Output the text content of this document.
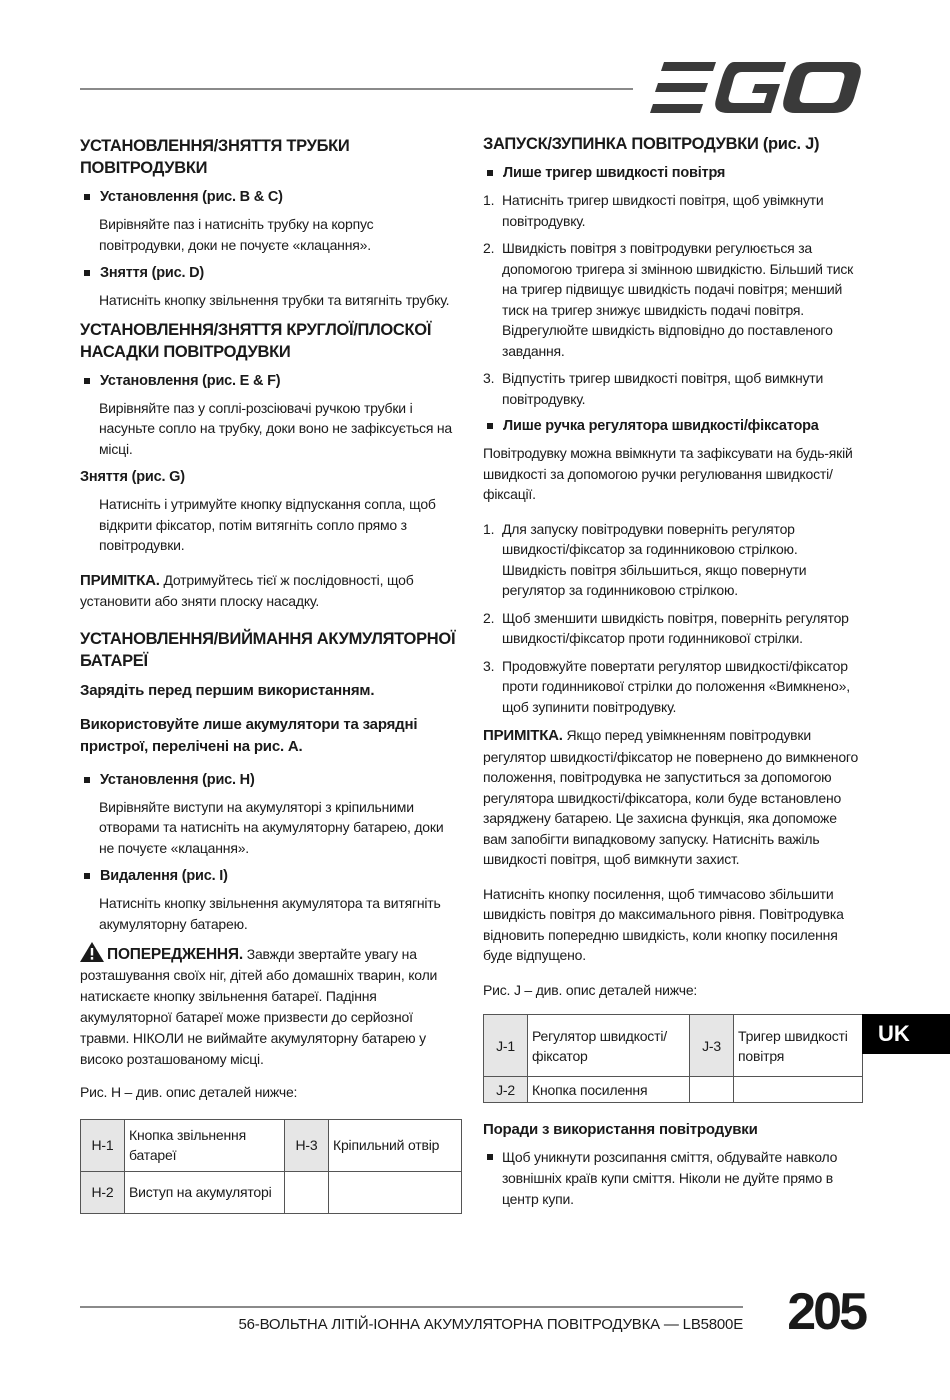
УСТАНОВЛЕННЯ/ЗНЯТТЯ ТРУБКИ ПОВІТРОДУВКИ
Установлення (рис. B & C)
Вирівняйте паз і натисніть трубку на корпус повітродувки, доки не почуєте «клацання».
Зняття (рис. D)
Натисніть кнопку звільнення трубки та витягніть трубку.
УСТАНОВЛЕННЯ/ЗНЯТТЯ КРУГЛОЇ/ПЛОСКОЇ НАСАДКИ ПОВІТРОДУВКИ
Установлення (рис. E & F)
Вирівняйте паз у соплі-розсіювачі ручкою трубки і насуньте сопло на трубку, доки воно не зафіксується на місці.
Зняття (рис. G)
Натисніть і утримуйте кнопку відпускання сопла, щоб відкрити фіксатор, потім витягніть сопло прямо з повітродувки.
ПРИМІТКА. Дотримуйтесь тієї ж послідовності, щоб установити або зняти плоску насадку.
УСТАНОВЛЕННЯ/ВИЙМАННЯ АКУМУЛЯТОРНОЇ БАТАРЕЇ
Зарядіть перед першим використанням.
Використовуйте лише акумулятори та зарядні пристрої, перелічені на рис. A.
Установлення (рис. H)
Вирівняйте виступи на акумуляторі з кріпильними отворами та натисніть на акумуляторну батарею, доки не почуєте «клацання».
Видалення (рис. I)
Натисніть кнопку звільнення акумулятора та витягніть акумуляторну батарею.
ПОПЕРЕДЖЕННЯ. Завжди звертайте увагу на розташування своїх ніг, дітей або домашніх тварин, коли натискаєте кнопку звільнення батареї. Падіння акумуляторної батареї може призвести до серйозної травми. НІКОЛИ не виймайте акумуляторну батарею у високо розташованому місці.
Рис. H – див. опис деталей нижче:
H-1	Кнопка звільнення батареї	H-3	Кріпильний отвір
H-2	Виступ на акумуляторі		
ЗАПУСК/ЗУПИНКА ПОВІТРОДУВКИ (рис. J)
Лише тригер швидкості повітря
1. Натисніть тригер швидкості повітря, щоб увімкнути повітродувку.
2. Швидкість повітря з повітродувки регулюється за допомогою тригера зі змінною швидкістю. Більший тиск на тригер підвищує швидкість подачі повітря; менший тиск на тригер знижує швидкість подачі повітря. Відрегулюйте швидкість відповідно до поставленого завдання.
3. Відпустіть тригер швидкості повітря, щоб вимкнути повітродувку.
Лише ручка регулятора швидкості/фіксатора
Повітродувку можна ввімкнути та зафіксувати на будь-якій швидкості за допомогою ручки регулювання швидкості/фіксації.
1. Для запуску повітродувки поверніть регулятор швидкості/фіксатор за годинниковою стрілкою. Швидкість повітря збільшиться, якщо повернути регулятор за годинниковою стрілкою.
2. Щоб зменшити швидкість повітря, поверніть регулятор швидкості/фіксатор проти годинникової стрілки.
3. Продовжуйте повертати регулятор швидкості/фіксатор проти годинникової стрілки до положення «Вимкнено», щоб зупинити повітродувку.
ПРИМІТКА. Якщо перед увімкненням повітродувки регулятор швидкості/фіксатор не повернено до вимкненого положення, повітродувка не запуститься за допомогою регулятора швидкості/фіксатора, коли буде встановлено заряджену батарею. Це захисна функція, яка допоможе вам запобігти випадковому запуску. Натисніть важіль швидкості повітря, щоб вимкнути захист.
Натисніть кнопку посилення, щоб тимчасово збільшити швидкість повітря до максимального рівня. Повітродувка відновить попередню швидкість, коли кнопку посилення буде відпущено.
Рис. J – див. опис деталей нижче:
J-1	Регулятор швидкості/фіксатор	J-3	Тригер швидкості повітря
J-2	Кнопка посилення		
Поради з використання повітродувки
Щоб уникнути розсипання сміття, обдувайте навколо зовнішніх країв купи сміття. Ніколи не дуйте прямо в центр купи.
UK
56-ВОЛЬТНА ЛІТІЙ-ІОННА АКУМУЛЯТОРНА ПОВІТРОДУВКА — LB5800E 205
